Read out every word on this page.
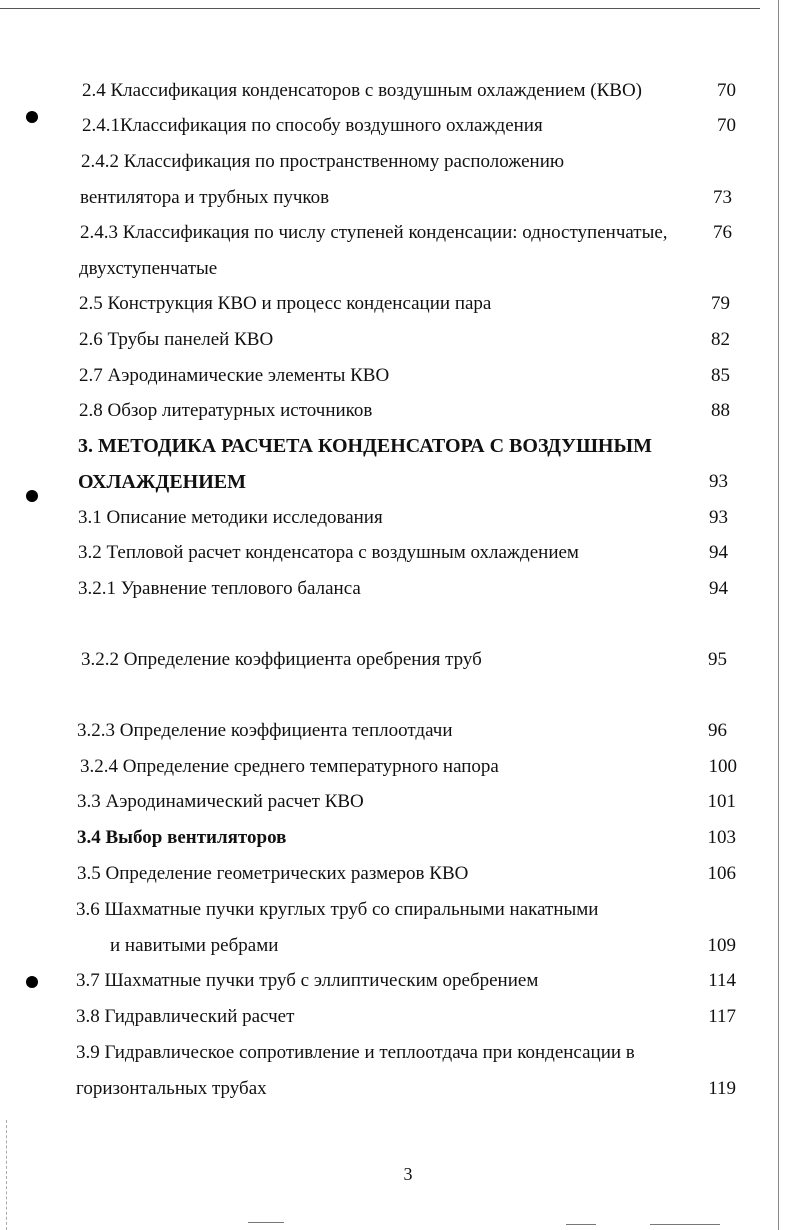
2.4 Классификация конденсаторов с воздушным охлаждением (КВО)	70
2.4.1Классификация по способу воздушного охлаждения	70
2.4.2 Классификация по пространственному расположению
вентилятора и трубных пучков	73
2.4.3 Классификация по числу ступеней конденсации: одноступенчатые,	76
двухступенчатые
2.5 Конструкция КВО и процесс конденсации пара	79
2.6 Трубы панелей КВО	82
2.7 Аэродинамические элементы КВО	85
2.8 Обзор литературных источников	88
3. МЕТОДИКА РАСЧЕТА КОНДЕНСАТОРА С ВОЗДУШНЫМ
ОХЛАЖДЕНИЕМ	93
3.1 Описание методики исследования	93
3.2 Тепловой расчет конденсатора с воздушным охлаждением	94
3.2.1 Уравнение теплового баланса	94
3.2.2 Определение коэффициента оребрения труб	95
3.2.3 Определение коэффициента теплоотдачи	96
3.2.4 Определение среднего температурного напора	100
3.3 Аэродинамический расчет КВО	101
3.4 Выбор вентиляторов	103
3.5 Определение геометрических размеров КВО	106
3.6 Шахматные пучки круглых труб со спиральными накатными
и навитыми ребрами	109
3.7 Шахматные пучки труб с эллиптическим оребрением	114
3.8 Гидравлический расчет	117
3.9 Гидравлическое сопротивление и теплоотдача при конденсации в
горизонтальных трубах	119
3
